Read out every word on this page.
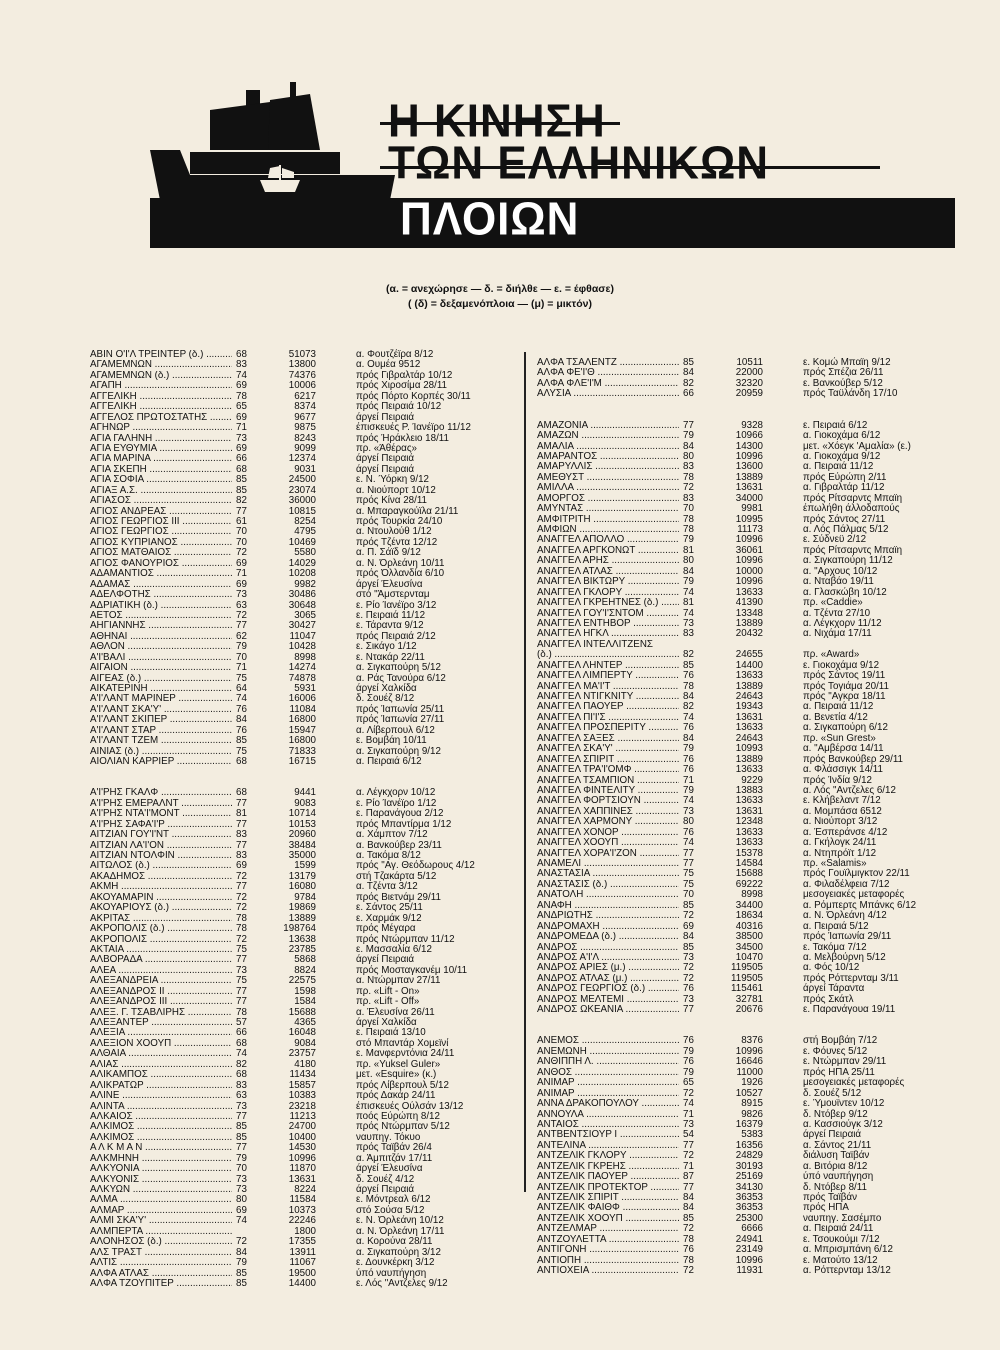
Η ΚΙΝΗΣΗ
ΤΩΝ ΕΛΛΗΝΙΚΩΝ
ΠΛΟΙΩΝ
(α. = ανεχώρησε — δ. = διήλθε — ε. = έφθασε)
( (δ) = δεξαμενόπλοια — (μ) = μικτόν)
ΑΒΙΝ Ο'Ι'Λ ΤΡΕΙΝΤΕΡ (δ.) .....	68	51073	α. Φουτζέϊρα 8/12
ΑΓΑΜΕΜΝΩΝ .....	83	13800	α. Ουμέα 9512
ΑΓΑΜΕΜΝΩΝ (δ.) .....	74	74376	πρός Γιβραλτάρ 10/12
ΑΓΑΠΗ .....	69	10006	πρός Χιροσίμα 28/11
ΑΓΓΕΛΙΚΗ .....	78	6217	πρός Πόρτο Κορπές 30/11
ΑΓΓΕΛΙΚΗ .....	65	8374	πρός Πειραιά 10/12
ΑΓΓΕΛΟΣ ΠΡΩΤΟΣΤΑΤΗΣ .....	69	9677	άργεί Πειραιά
ΑΓΗΝΩΡ .....	71	9875	έπισκευές Ρ. Ίανέϊρο 11/12
ΑΓΙΑ ΓΑΛΗΝΗ .....	73	8243	πρός Ήράκλειο 18/11
ΑΓΙΑ ΕΥΘΥΜΙΑ .....	69	9099	πρ. «Άθέρας»
ΑΓΙΑ ΜΑΡΙΝΑ .....	66	12374	άργεί Πειραιά
ΑΓΙΑ ΣΚΕΠΗ .....	68	9031	άργεί Πειραιά
ΑΓΙΑ ΣΟΦΙΑ .....	85	24500	ε. Ν. Ύόρκη 9/12
ΑΓΙΑΞ Α.Σ. .....	85	23074	α. Νιούπορτ 10/12
ΑΓΙΑΣΟΣ .....	82	36000	πρός Κίνα 28/11
ΑΓΙΟΣ ΑΝΔΡΕΑΣ .....	77	10815	α. Μπαραγκούϊλα 21/11
ΑΓΙΟΣ ΓΕΩΡΓΙΟΣ III .....	61	8254	πρός Τουρκία 24/10
ΑΓΙΟΣ ΓΕΩΡΓΙΟΣ .....	70	4795	α. Ντουλούθ 1/12
ΑΓΙΟΣ ΚΥΠΡΙΑΝΟΣ .....	70	10469	πρός Τζέντα 12/12
ΑΓΙΟΣ ΜΑΤΘΑΙΟΣ .....	72	5580	α. Π. Σάϊδ 9/12
ΑΓΙΟΣ ΦΑΝΟΥΡΙΟΣ .....	69	14029	α. Ν. Όρλεάνη 10/11
ΑΔΑΜΑΝΤΙΟΣ .....	71	10208	πρός Όλλανδία 6/10
ΑΔΑΜΑΣ .....	69	9982	άργεί Έλευσίνα
ΑΔΕΛΦΟΤΗΣ .....	73	30486	στό "Άμστερνταμ
ΑΔΡΙΑΤΙΚΗ (δ.) .....	63	30648	ε. Ρίο Ίανέϊρο 3/12
ΑΕΤΟΣ .....	72	3065	ε. Πειραιά 11/12
ΑΗΓΙΑΝΝΗΣ .....	77	30427	ε. Τάραντα 9/12
ΑΘΗΝΑΙ .....	62	11047	πρός Πειραιά 2/12
ΑΘΛΟΝ .....	79	10428	ε. Σικάγο 1/12
Α'Ι'ΒΑΛΙ .....	70	8998	ε. Ντακάρ 22/11
ΑΙΓΑΙΟΝ .....	71	14274	α. Σιγκαπούρη 5/12
ΑΙΓΕΑΣ (δ.) .....	75	74878	α. Ράς Τανούρα 6/12
ΑΙΚΑΤΕΡΙΝΗ .....	64	5931	άργεί Χαλκίδα
Α'Ι'ΛΑΝΤ ΜΑΡΙΝΕΡ .....	74	16006	δ. Σουέζ 8/12
Α'Ι'ΛΑΝΤ ΣΚΑ'Υ' .....	76	11084	πρός Ίαπωνία 25/11
Α'Ι'ΛΑΝΤ ΣΚΙΠΕΡ .....	84	16800	πρός Ίαπωνία 27/11
Α'Ι'ΛΑΝΤ ΣΤΑΡ .....	76	15947	α. Λίβερπουλ 6/12
Α'Ι'ΛΑΝΤ ΤΖΕΜ .....	85	16800	ε. Βομβάη 10/11
ΑΙΝΙΑΣ (δ.) .....	75	71833	α. Σιγκαπούρη 9/12
ΑΙΟΛΙΑΝ ΚΑΡΡΙΕΡ .....	68	16715	α. Πειραιά 6/12
Α'Ι'ΡΗΣ ΓΚΑΛΦ .....	68	9441	α. Λέγκχορν 10/12
Α'Ι'ΡΗΣ ΕΜΕΡΑΛΝΤ .....	77	9083	ε. Ρίο Ίανέϊρο 1/12
Α'Ι'ΡΗΣ ΝΤΑ'Ι'ΜΟΝΤ .....	81	10714	ε. Παρανάγουα 2/12
Α'Ι'ΡΗΣ ΣΑΦΑ'Ι'Ρ .....	77	10153	πρός Μπαντίρμα 1/12
ΑΙΤΖΙΑΝ ΓΟΥ'Ι'ΝΤ .....	83	20960	α. Χάμπτον 7/12
ΑΙΤΖΙΑΝ ΛΑ'Ι'ΟΝ .....	77	38484	α. Βανκούβερ 23/11
ΑΙΤΖΙΑΝ ΝΤΟΛΦΙΝ .....	83	35000	α. Τακόμα 8/12
ΑΙΤΩΛΟΣ (δ.) .....	69	1599	πρός "Αγ. Θεόδωρους 4/12
ΑΚΑΔΗΜΟΣ .....	72	13179	στή Τζακάρτα 5/12
ΑΚΜΗ .....	77	16080	α. Τζέντα 3/12
ΑΚΟΥΑΜΑΡΙΝ .....	72	9784	πρός Βιετνάμ 29/11
ΑΚΟΥΑΡΙΟΥΣ (δ.) .....	72	19869	ε. Σάντος 25/11
ΑΚΡΙΤΑΣ .....	78	13889	ε. Χαρμάκ 9/12
ΑΚΡΟΠΟΛΙΣ (δ.) .....	78	198764	πρός Μέγαρα
ΑΚΡΟΠΟΛΙΣ .....	72	13638	πρός Ντώρμπαν 11/12
ΑΚΤΑΙΑ .....	75	23785	ε. Μασσαλία 6/12
ΑΛΒΟΡΑΔΑ .....	77	5868	άργεί Πειραιά
ΑΛΕΑ .....	73	8824	πρός Μοσταγκανέμ 10/11
ΑΛΕΞΑΝΔΡΕΙΑ .....	75	22575	α. Ντώρμπαν 27/11
ΑΛΕΞΑΝΔΡΟΣ II .....	77	1598	πρ. «Lift - On»
ΑΛΕΞΑΝΔΡΟΣ III .....	77	1584	πρ. «Lift - Off»
ΑΛΕΞ. Γ. ΤΣΑΒΛΙΡΗΣ .....	78	15688	α. Έλευσίνα 26/11
ΑΛΕΞΑΝΤΕΡ .....	57	4365	άργεί Χαλκίδα
ΑΛΕΞΙΑ .....	66	16048	ε. Πειραιά 13/10
ΑΛΕΞΙΟΝ ΧΟΟΥΠ .....	68	9084	στό Μπαντάρ Χομεϊνί
ΑΛΘΑΙΑ .....	74	23757	ε. Μανφερντόνια 24/11
ΑΛΙΑΣ .....	82	4180	πρ. «Yuksel Guler»
ΑΛΙΚΑΜΠΟΣ .....	68	11434	μετ. «Esquire» (κ.)
ΑΛΙΚΡΑΤΩΡ .....	83	15857	πρός Λίβερπουλ 5/12
ΑΛΙΝΕ .....	63	10383	πρός Δακάρ 24/11
ΑΛΙΝΤΑ .....	73	23218	έπισκευές Ούλσάν 13/12
ΑΛΚΑΙΟΣ .....	77	11213	ποός Εύρώπη 8/12
ΑΛΚΙΜΟΣ .....	85	24700	πρός Ντώρμπαν 5/12
ΑΛΚΙΜΟΣ .....	85	10400	ναυπηγ. Τόκυο
Α Λ Κ Μ Α Ν .....	77	14530	πρός Ταϊβάν 26/4
ΑΛΚΜΗΝΗ .....	79	10996	α. Άμπιτζάν 17/11
ΑΛΚΥΟΝΙΑ .....	70	11870	άργεί Έλευσίνα
ΑΛΚΥΟΝΙΣ .....	73	13631	δ. Σουέζ 4/12
ΑΛΚΥΩΝ .....	73	8224	άργεί Πειραιά
ΑΛΜΑ .....	80	11584	ε. Μόντρεαλ 6/12
ΑΛΜΑΡ .....	69	10373	στό Σούσα 5/12
ΑΛΜΙ ΣΚΑ'Υ' .....	74	22246	ε. Ν. Όρλεάνη 10/12
ΑΛΜΠΕΡΤΑ .....	1800	α. Ν. Όρλεάνη 17/11
ΑΛΟΝΗΣΟΣ (δ.) .....	72	17355	α. Κορούνα 28/11
ΑΛΣ ΤΡΑΣΤ .....	84	13911	α. Σιγκαπούρη 3/12
ΑΛΤΙΣ .....	79	11067	ε. Δουνκέρκη 3/12
ΑΛΦΑ ΑΤΛΑΣ .....	85	19500	ύπό ναυπήγηση
ΑΛΦΑ ΤΖΟΥΠΙΤΕΡ .....	85	14400	ε. Λός "Αντζελες 9/12
ΑΛΦΑ ΤΣΑΛΕΝΤΖ .....	85	10511	ε. Κομώ Μπαϊη 9/12
ΑΛΦΑ ΦΕ'Ι'Θ .....	84	22000	πρός Σπέζια 26/11
ΑΛΦΑ ΦΛΕ'Ι'Μ .....	82	32320	ε. Βανκούβερ 5/12
ΑΛΥΣΙΑ .....	66	20959	πρός Ταϋλάνδη 17/10
ΑΜΑΖΟΝΙΑ .....	77	9328	ε. Πειραιά 6/12
ΑΜΑΖΩΝ .....	79	10966	α. Γιοκοχάμα 6/12
ΑΜΑΛΙΑ .....	84	14300	μετ. «Χόεγκ 'Αμαλία» (ε.)
ΑΜΑΡΑΝΤΟΣ .....	80	10996	α. Γιοκοχάμα 9/12
ΑΜΑΡΥΛΛΙΣ .....	83	13600	α. Πειραιά 11/12
ΑΜΕΘΥΣΤ .....	78	13889	πρός Εύρώπη 2/11
ΑΜΙΛΛΑ .....	72	13631	α. Γιβραλτάρ 11/12
ΑΜΟΡΓΟΣ .....	83	34000	πρός Ρίτσαρντς Μπαϊη
ΑΜΥΝΤΑΣ .....	70	9981	έπωλήθη άλλοδαπούς
ΑΜΦΙΤΡΙΤΗ .....	78	10995	πρός Σάντος 27/11
ΑΜΦΙΩΝ .....	78	11173	α. Λός Πάλμας 5/12
ΑΝΑΓΓΕΛ ΑΠΟΛΛΟ .....	79	10996	ε. Σύδνεϋ 2/12
ΑΝΑΓΓΕΛ ΑΡΓΚΟΝΩΤ .....	81	36061	πρός Ρίτσαρντς Μπαϊη
ΑΝΑΓΓΕΛ ΑΡΗΣ .....	80	10996	α. Σιγκαπούρη 11/12
ΑΝΑΓΓΕΛ ΑΤΛΑΣ .....	84	10000	α. "Αρχους 10/12
ΑΝΑΓΓΕΛ ΒΙΚΤΩΡΥ .....	79	10996	α. Νταβάο 19/11
ΑΝΑΓΓΕΛ ΓΚΛΟΡΥ .....	74	13633	α. Γλασκώβη 10/12
ΑΝΑΓΓΕΛ ΓΚΡΕΗΤΝΕΣ (δ.) .....	81	41390	πρ. «Caddie»
ΑΝΑΓΓΕΛ ΓΟΥ'Ι'ΣΝΤΟΜ .....	74	13348	α. Τζέντα 27/10
ΑΝΑΓΓΕΛ ΕΝΤΗΒΟΡ .....	73	13889	α. Λέγκχορν 11/12
ΑΝΑΓΓΕΛ ΗΓΚΛ .....	83	20432	α. Νιχάμα 17/11
ΑΝΑΓΓΕΛ ΙΝΤΕΛΛΙΤΖΕΝΣ
(δ.) .....	82	24655	πρ. «Award»
ΑΝΑΓΓΕΛ ΛΗΝΤΕΡ .....	85	14400	ε. Γιοκοχάμα 9/12
ΑΝΑΓΓΕΛ ΛΙΜΠΕΡΤΥ .....	76	13633	πρός Σάντος 19/11
ΑΝΑΓΓΕΛ ΜΑ'Ι'Τ .....	78	13889	πρός Τογιάμα 20/11
ΑΝΑΓΓΕΛ ΝΤΙΓΚΝΙΤΥ .....	84	24643	πρός "Αγκρα 18/11
ΑΝΑΓΓΕΛ ΠΑΟΥΕΡ .....	82	19343	α. Πειραιά 11/12
ΑΝΑΓΓΕΛ ΠΙ'Ι'Σ .....	74	13631	α. Βενετία 4/12
ΑΝΑΓΓΕΛ ΠΡΟΣΠΕΡΙΤΥ .....	76	13633	α. Σιγκαπούρη 6/12
ΑΝΑΓΓΕΛ ΣΑΞΕΣ .....	84	24643	πρ. «Sun Grest»
ΑΝΑΓΓΕΛ ΣΚΑ'Υ' .....	79	10993	α. "Αμβέρσα 14/11
ΑΝΑΓΓΕΛ ΣΠΙΡΙΤ .....	76	13889	πρός Βανκούβερ 29/11
ΑΝΑΓΓΕΛ ΤΡΑ'Ι'ΟΜΦ .....	76	13633	α. Φλάσσιγκ 14/11
ΑΝΑΓΓΕΛ ΤΣΑΜΠΙΟΝ .....	71	9229	πρός Ίνδία 9/12
ΑΝΑΓΓΕΛ ΦΙΝΤΕΛΙΤΥ .....	79	13883	α. Λός "Αντζελες 6/12
ΑΝΑΓΓΕΛ ΦΟΡΤΣΙΟΥΝ .....	74	13633	ε. Κλήβελαντ 7/12
ΑΝΑΓΓΕΛ ΧΑΠΠΙΝΕΣ .....	73	13631	α. Μομπάσα 6512
ΑΝΑΓΓΕΛ ΧΑΡΜΟΝΥ .....	80	12348	α. Νιούπορτ 3/12
ΑΝΑΓΓΕΛ ΧΟΝΟΡ .....	76	13633	α. Έσπεράνσε 4/12
ΑΝΑΓΓΕΛ ΧΟΟΥΠ .....	74	13633	α. Γκήλογκ 24/11
ΑΝΑΓΓΕΛ ΧΟΡΑ'Ι'ΖΟΝ .....	77	15378	α. Ντηπρόϊτ 1/12
ΑΝΑΜΕΛΙ .....	77	14584	πρ. «Salamis»
ΑΝΑΣΤΑΣΙΑ .....	75	15688	πρός Γουϊλμιγκτον 22/11
ΑΝΑΣΤΑΣΙΣ (δ.) .....	75	69222	α. Φιλαδέλφεια 7/12
ΑΝΑΤΟΛΗ .....	70	8998	μεσογειακές μεταφορές
ΑΝΑΦΗ .....	85	34400	α. Ρόμπερτς Μπάνκς 6/12
ΑΝΔΡΙΩΤΗΣ .....	72	18634	α. Ν. Όρλεάνη 4/12
ΑΝΔΡΟΜΑΧΗ .....	69	40316	α. Πειραιά 5/12
ΑΝΔΡΟΜΕΔΑ (δ.) .....	84	38500	πρός Ίαπωνία 29/11
ΑΝΔΡΟΣ .....	85	34500	ε. Τακόμα 7/12
ΑΝΔΡΟΣ Α'Ι'Λ .....	73	10470	α. Μελβούρνη 5/12
ΑΝΔΡΟΣ ΑΡΙΕΣ (μ.) .....	72	119505	α. Φός 10/12
ΑΝΔΡΟΣ ΑΤΛΑΣ (μ.) .....	72	119505	πρός Ρόττερνταμ 3/11
ΑΝΔΡΟΣ ΓΕΩΡΓΙΟΣ (δ.) .....	76	115461	άργεί Τάραντα
ΑΝΔΡΟΣ ΜΕΛΤΕΜΙ .....	73	32781	πρός Σκάτλ
ΑΝΔΡΟΣ ΩΚΕΑΝΙΑ .....	77	20676	ε. Παρανάγουα 19/11
ΑΝΕΜΟΣ .....	76	8376	στή Βομβάη 7/12
ΑΝΕΜΩΝΗ .....	79	10996	ε. Φόυνες 5/12
ΑΝΘΙΠΠΗ Λ. .....	76	16646	ε. Ντώρμπαν 29/11
ΑΝΘΟΣ .....	79	11000	πρός ΗΠΑ 25/11
ΑΝΙΜΑΡ .....	65	1926	μεσογειακές μεταφορές
ΑΝΙΜΑΡ .....	72	10527	δ. Σουέζ 5/12
ΑΝΝΑ ΔΡΑΚΟΠΟΥΛΟΥ .....	74	8915	ε. Ύμουϊντεν 10/12
ΑΝΝΟΥΛΑ .....	71	9826	δ. Ντόβερ 9/12
ΑΝΤΑΙΟΣ .....	73	16379	α. Κασσιούγκ 3/12
ΑΝΤΒΕΝΤΣΙΟΥΡ Ι .....	54	5383	άργεί Πειραιά
ΑΝΤΕΛΙΝΑ .....	77	16356	α. Σάντος 21/11
ΑΝΤΖΕΛΙΚ ΓΚΛΟΡΥ .....	72	24829	διάλυση Ταϊβάν
ΑΝΤΖΕΛΙΚ ΓΚΡΕΗΣ .....	71	30193	α. Βιτόρια 8/12
ΑΝΤΖΕΛΙΚ ΠΑΟΥΕΡ .....	87	25169	ύπό ναυπήγηση
ΑΝΤΖΕΛΙΚ ΠΡΟΤΕΚΤΟΡ .....	77	34130	δ. Ντόβερ 8/11
ΑΝΤΖΕΛΙΚ ΣΠΙΡΙΤ .....	84	36353	πρός Ταϊβάν
ΑΝΤΖΕΛΙΚ ΦΑΙΘΦ .....	84	36353	πρός ΗΠΑ
ΑΝΤΖΕΛΙΚ ΧΟΟΥΠ .....	85	25300	ναυπηγ. Σασέμπο
ΑΝΤΖΕΛΜΑΡ .....	72	6666	α. Πειραιά 24/11
ΑΝΤΖΟΥΛΕΤΤΑ .....	78	24941	ε. Τσουκούμι 7/12
ΑΝΤΙΓΟΝΗ .....	76	23149	α. Μπρισμπάνη 6/12
ΑΝΤΙΟΠΗ .....	78	10996	ε. Ματούτο 13/12
ΑΝΤΙΟΧΕΙΑ .....	72	11931	α. Ρόττερνταμ 13/12
